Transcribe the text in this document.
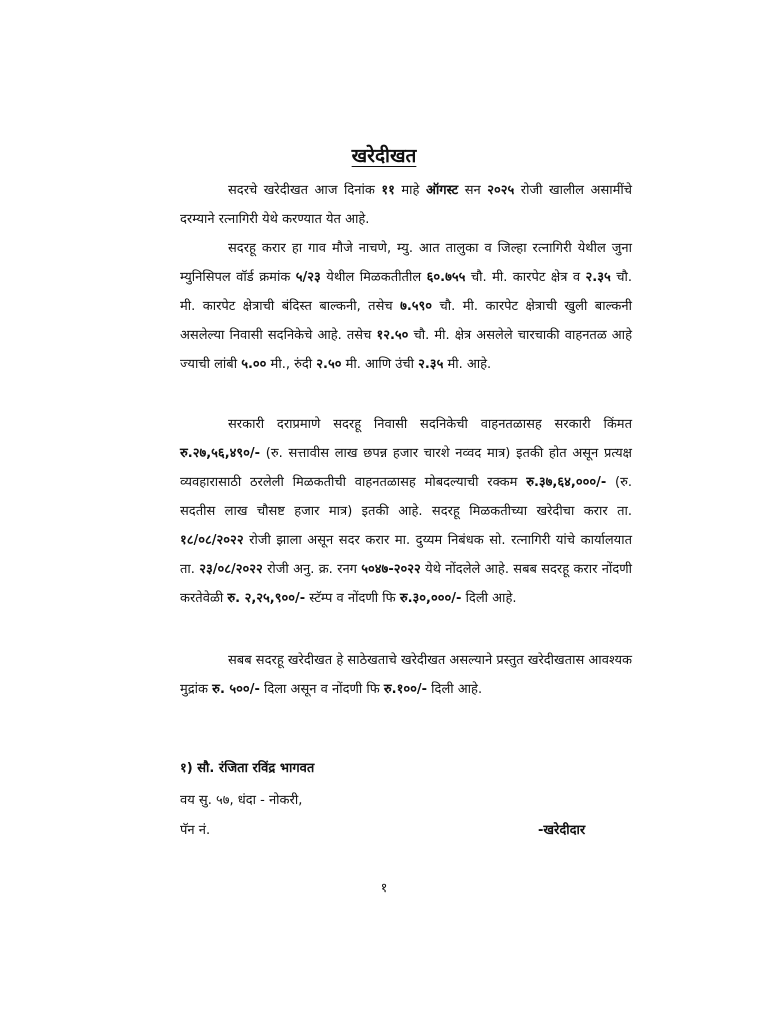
खरेदीखत

सदरचे खरेदीखत आज दिनांक ११ माहे ऑगस्ट सन २०२५ रोजी खालील असामींचे दरम्याने रत्नागिरी येथे करण्यात येत आहे.

सदरहू करार हा गाव मौजे नाचणे, म्यु. आत तालुका व जिल्हा रत्नागिरी येथील जुना म्युनिसिपल वॉर्ड क्रमांक ५/२३ येथील मिळकतीतील ६०.७५५ चौ. मी. कारपेट क्षेत्र व २.३५ चौ. मी. कारपेट क्षेत्राची बंदिस्त बाल्कनी, तसेच ७.५९० चौ. मी. कारपेट क्षेत्राची खुली बाल्कनी असलेल्या निवासी सदनिकेचे आहे. तसेच १२.५० चौ. मी. क्षेत्र असलेले चारचाकी वाहनतळ आहे ज्याची लांबी ५.०० मी., रुंदी २.५० मी. आणि उंची २.३५ मी. आहे.

सरकारी दराप्रमाणे सदरहू निवासी सदनिकेची वाहनतळासह सरकारी किंमत रु.२७,५६,४९०/- (रु. सत्तावीस लाख छपन्न हजार चारशे नव्वद मात्र) इतकी होत असून प्रत्यक्ष व्यवहारासाठी ठरलेली मिळकतीची वाहनतळासह मोबदल्याची रक्कम रु.३७,६४,०००/- (रु. सदतीस लाख चौसष्ट हजार मात्र) इतकी आहे. सदरहू मिळकतीच्या खरेदीचा करार ता. १८/०८/२०२२ रोजी झाला असून सदर करार मा. दुय्यम निबंधक सो. रत्नागिरी यांचे कार्यालयात ता. २३/०८/२०२२ रोजी अनु. क्र. रनग ५०४७-२०२२ येथे नोंदलेले आहे. सबब सदरहू करार नोंदणी करतेवेळी रु. २,२५,९००/- स्टॅम्प व नोंदणी फि रु.३०,०००/- दिली आहे.

सबब सदरहू खरेदीखत हे साठेखताचे खरेदीखत असल्याने प्रस्तुत खरेदीखतास आवश्यक मुद्रांक रु. ५००/- दिला असून व नोंदणी फि रु.१००/- दिली आहे.

१) सौ. रंजिता रविंद्र भागवत
वय सु. ५७, धंदा - नोकरी,
पॅन नं.	-खरेदीदार
१
